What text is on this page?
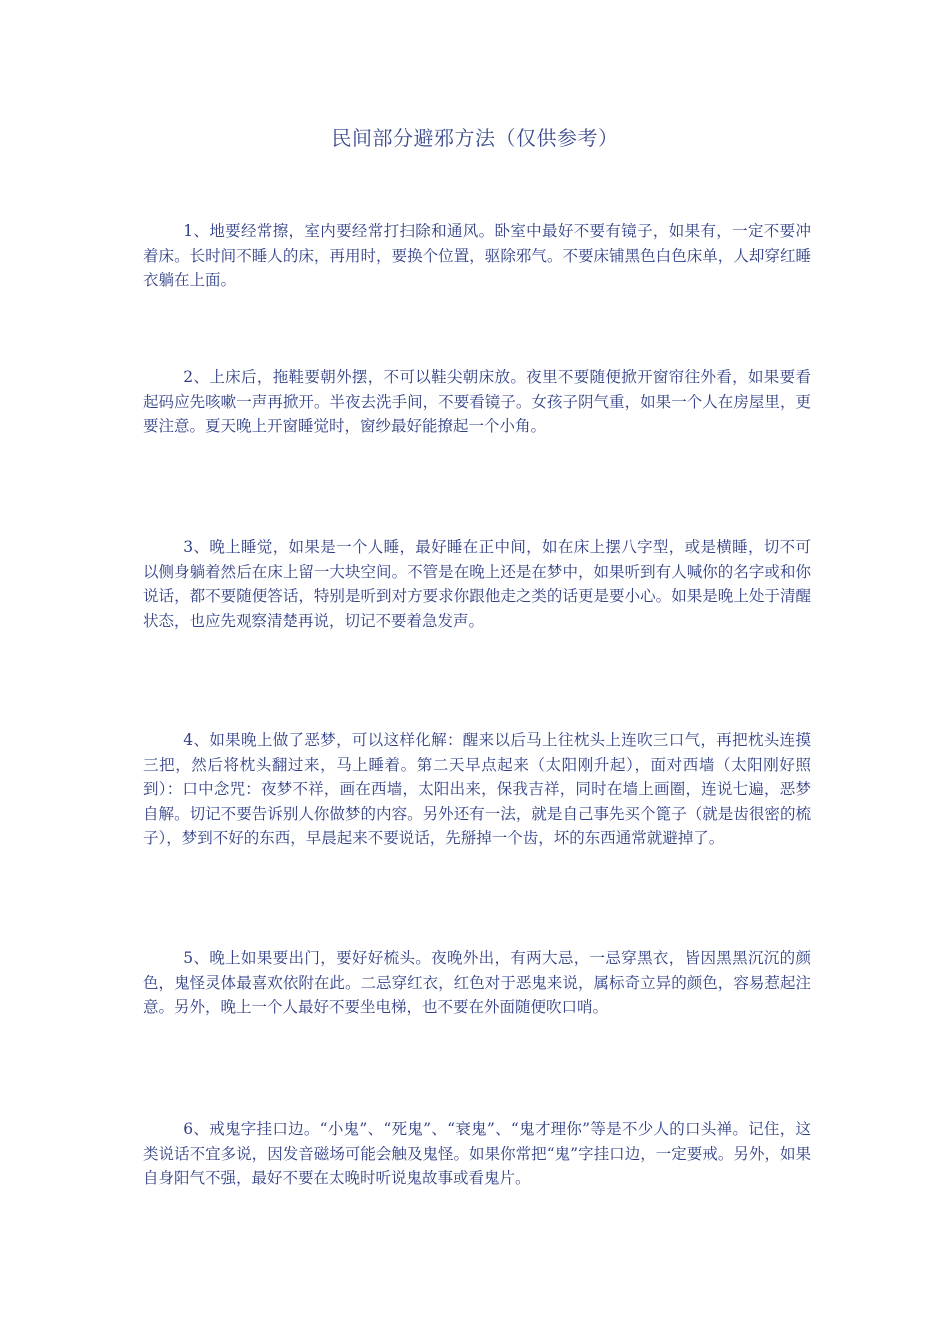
民间部分避邪方法（仅供参考）

1、地要经常擦，室内要经常打扫除和通风。卧室中最好不要有镜子，如果有，一定不要冲着床。长时间不睡人的床，再用时，要换个位置，驱除邪气。不要床铺黑色白色床单，人却穿红睡衣躺在上面。

2、上床后，拖鞋要朝外摆，不可以鞋尖朝床放。夜里不要随便掀开窗帘往外看，如果要看起码应先咳嗽一声再掀开。半夜去洗手间，不要看镜子。女孩子阴气重，如果一个人在房屋里，更要注意。夏天晚上开窗睡觉时，窗纱最好能撩起一个小角。

3、晚上睡觉，如果是一个人睡，最好睡在正中间，如在床上摆八字型，或是横睡，切不可以侧身躺着然后在床上留一大块空间。不管是在晚上还是在梦中，如果听到有人喊你的名字或和你说话，都不要随便答话，特别是听到对方要求你跟他走之类的话更是要小心。如果是晚上处于清醒状态，也应先观察清楚再说，切记不要着急发声。

4、如果晚上做了恶梦，可以这样化解：醒来以后马上往枕头上连吹三口气，再把枕头连摸三把，然后将枕头翻过来，马上睡着。第二天早点起来（太阳刚升起），面对西墙（太阳刚好照到）：口中念咒：夜梦不祥，画在西墙，太阳出来，保我吉祥，同时在墙上画圈，连说七遍，恶梦自解。切记不要告诉别人你做梦的内容。另外还有一法，就是自己事先买个篦子（就是齿很密的梳子），梦到不好的东西，早晨起来不要说话，先掰掉一个齿，坏的东西通常就避掉了。

5、晚上如果要出门，要好好梳头。夜晚外出，有两大忌，一忌穿黑衣，皆因黑黑沉沉的颜色，鬼怪灵体最喜欢依附在此。二忌穿红衣，红色对于恶鬼来说，属标奇立异的颜色，容易惹起注意。另外，晚上一个人最好不要坐电梯，也不要在外面随便吹口哨。

6、戒鬼字挂口边。“小鬼”、“死鬼”、“衰鬼”、“鬼才理你”等是不少人的口头禅。记住，这类说话不宜多说，因发音磁场可能会触及鬼怪。如果你常把“鬼”字挂口边，一定要戒。另外，如果自身阳气不强，最好不要在太晚时听说鬼故事或看鬼片。
